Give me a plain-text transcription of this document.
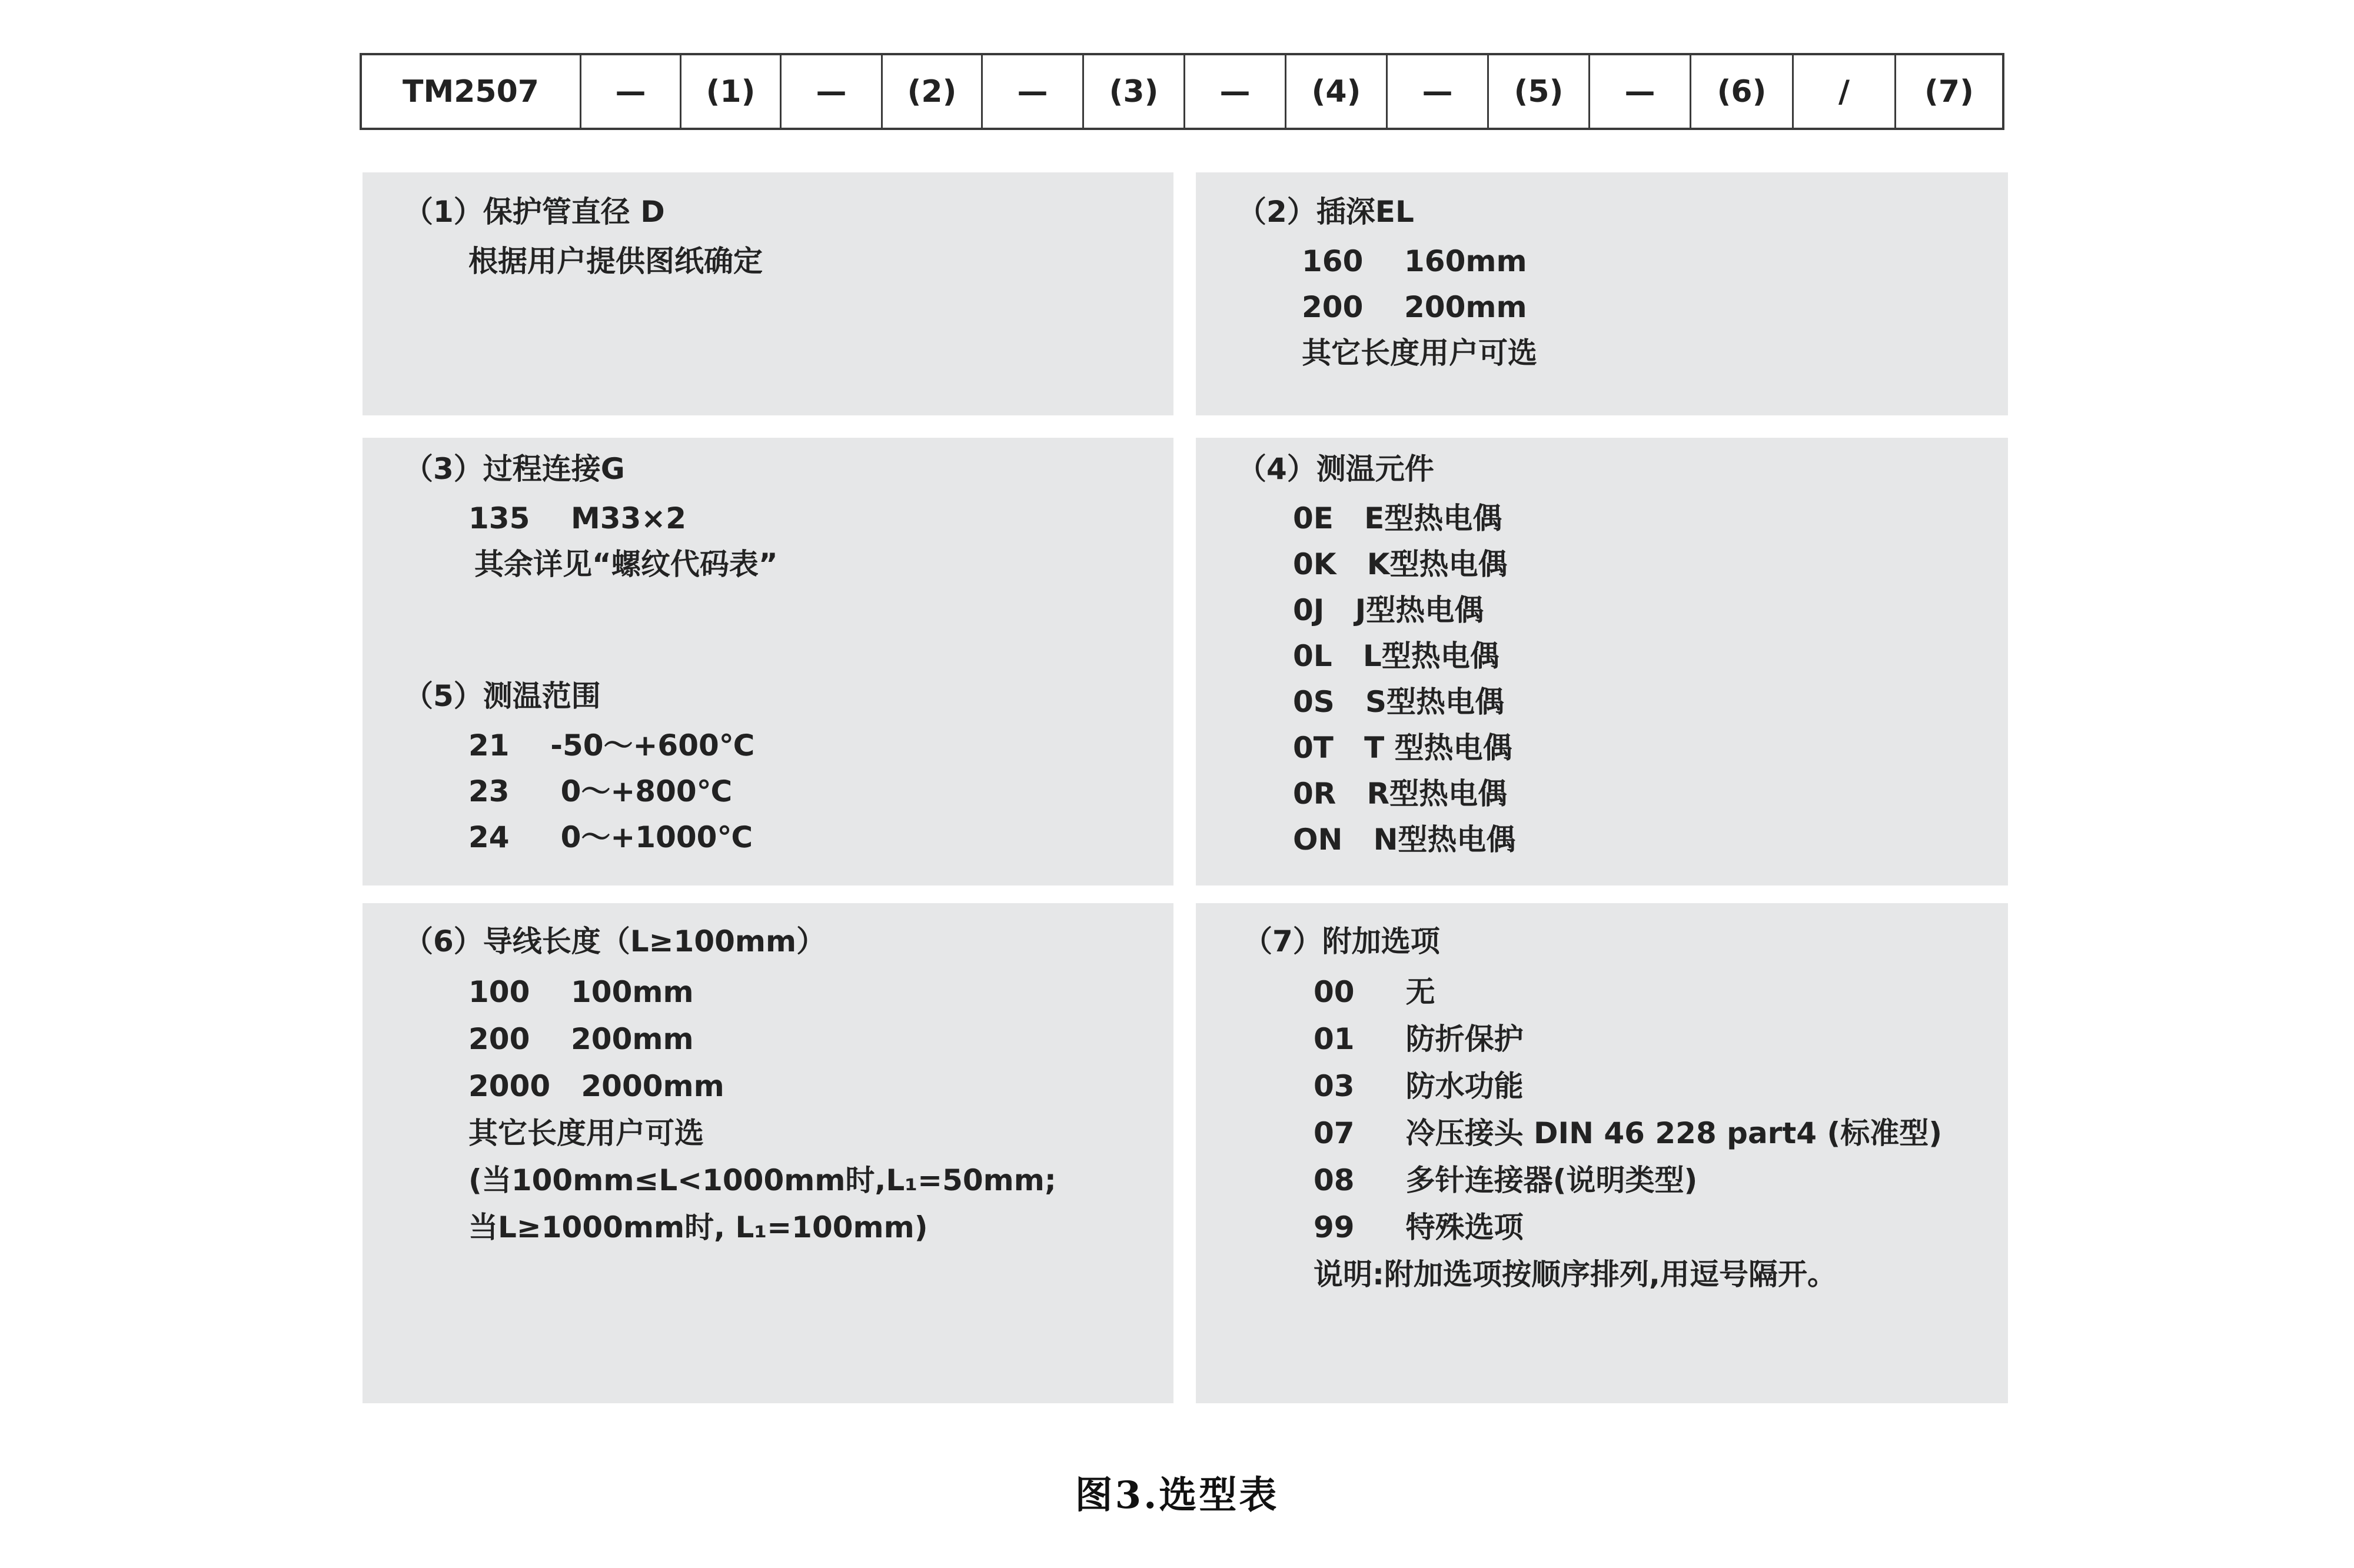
TM2507	—	(1)	—	(2)	—	(3)	—	(4)	—	(5)	—	(6)	/	(7)
（1）保护管直径 D
根据用户提供图纸确定
（2）插深EL
160    160mm
200    200mm
其它长度用户可选
（3）过程连接G
135    M33×2
其余详见“螺纹代码表”
（5）测温范围
21    -50～+600℃
23     0～+800℃
24     0～+1000℃
（4）测温元件
0E   E型热电偶
0K   K型热电偶
0J   J型热电偶
0L   L型热电偶
0S   S型热电偶
0T   T 型热电偶
0R   R型热电偶
ON   N型热电偶
（6）导线长度（L≥100mm）
100    100mm
200    200mm
2000   2000mm
其它长度用户可选
(当100mm≤L<1000mm时,L₁=50mm;
当L≥1000mm时, L₁=100mm)
（7）附加选项
00     无
01     防折保护
03     防水功能
07     冷压接头 DIN 46 228 part4 (标准型)
08     多针连接器(说明类型)
99     特殊选项
说明:附加选项按顺序排列,用逗号隔开。
图3.选型表
